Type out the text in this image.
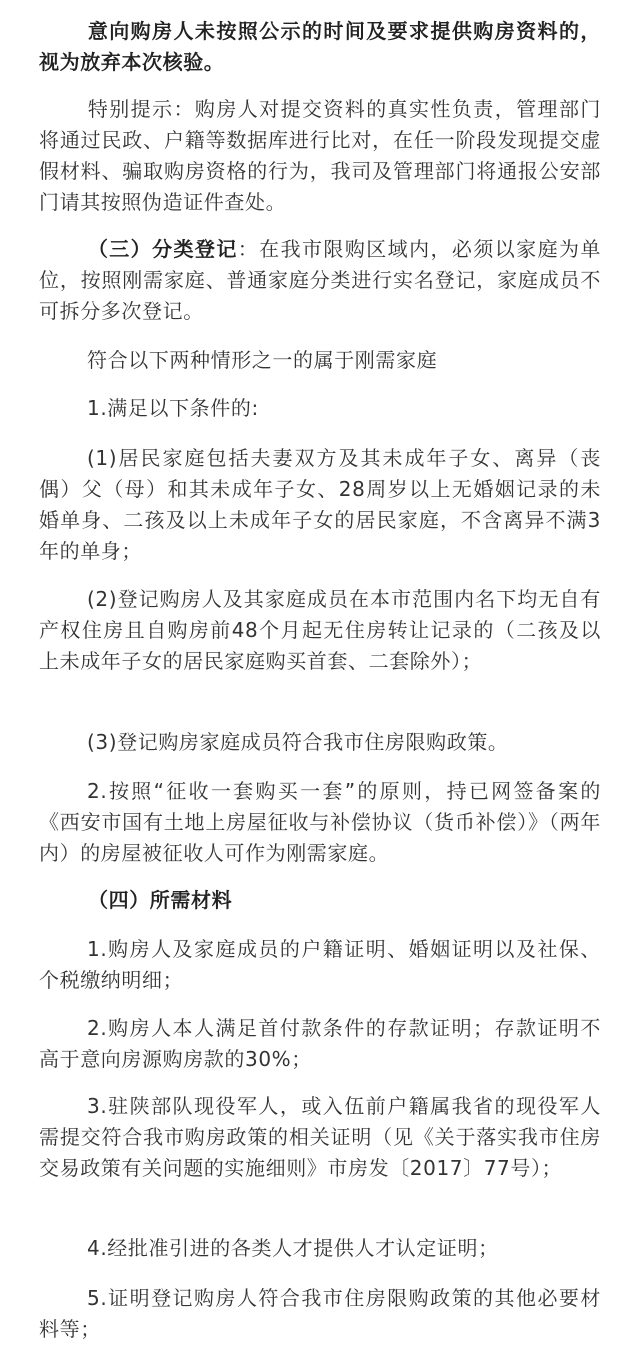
意向购房人未按照公示的时间及要求提供购房资料的，视为放弃本次核验。

特别提示：购房人对提交资料的真实性负责，管理部门将通过民政、户籍等数据库进行比对，在任一阶段发现提交虚假材料、骗取购房资格的行为，我司及管理部门将通报公安部门请其按照伪造证件查处。

（三）分类登记：在我市限购区域内，必须以家庭为单位，按照刚需家庭、普通家庭分类进行实名登记，家庭成员不可拆分多次登记。

符合以下两种情形之一的属于刚需家庭

1.满足以下条件的:

(1)居民家庭包括夫妻双方及其未成年子女、离异（丧偶）父（母）和其未成年子女、28周岁以上无婚姻记录的未婚单身、二孩及以上未成年子女的居民家庭，不含离异不满3年的单身；

(2)登记购房人及其家庭成员在本市范围内名下均无自有产权住房且自购房前48个月起无住房转让记录的（二孩及以上未成年子女的居民家庭购买首套、二套除外）；

(3)登记购房家庭成员符合我市住房限购政策。

2.按照“征收一套购买一套”的原则，持已网签备案的《西安市国有土地上房屋征收与补偿协议（货币补偿）》（两年内）的房屋被征收人可作为刚需家庭。

（四）所需材料

1.购房人及家庭成员的户籍证明、婚姻证明以及社保、个税缴纳明细；

2.购房人本人满足首付款条件的存款证明；存款证明不高于意向房源购房款的30%；

3.驻陕部队现役军人，或入伍前户籍属我省的现役军人需提交符合我市购房政策的相关证明（见《关于落实我市住房交易政策有关问题的实施细则》市房发〔2017〕77号）；

4.经批准引进的各类人才提供人才认定证明；

5.证明登记购房人符合我市住房限购政策的其他必要材料等；
